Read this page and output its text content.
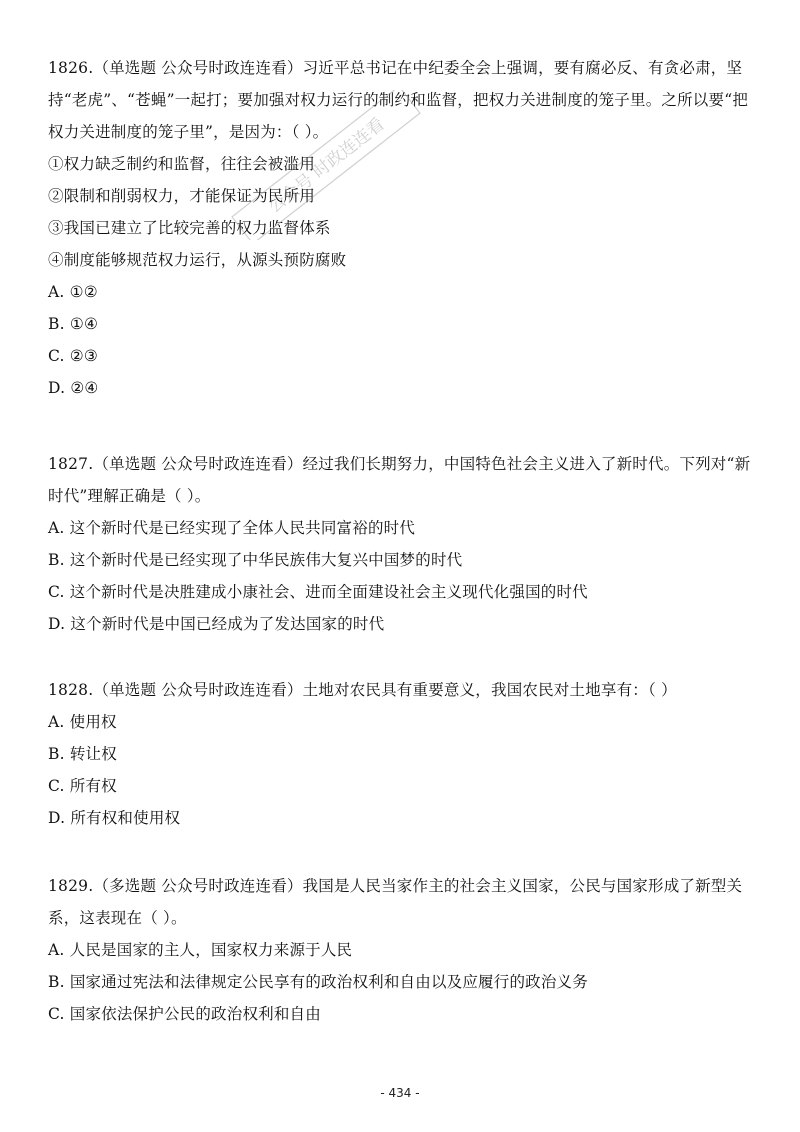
1826.（单选题 公众号时政连连看）习近平总书记在中纪委全会上强调，要有腐必反、有贪必肃，坚持“老虎”、“苍蝇”一起打；要加强对权力运行的制约和监督，把权力关进制度的笼子里。之所以要“把权力关进制度的笼子里”，是因为：（ ）。

①权力缺乏制约和监督，往往会被滥用
②限制和削弱权力，才能保证为民所用
③我国已建立了比较完善的权力监督体系
④制度能够规范权力运行，从源头预防腐败
A. ①②
B. ①④
C. ②③
D. ②④

1827.（单选题 公众号时政连连看）经过我们长期努力，中国特色社会主义进入了新时代。下列对“新时代”理解正确是（ ）。

A. 这个新时代是已经实现了全体人民共同富裕的时代
B. 这个新时代是已经实现了中华民族伟大复兴中国梦的时代
C. 这个新时代是决胜建成小康社会、进而全面建设社会主义现代化强国的时代
D. 这个新时代是中国已经成为了发达国家的时代

1828.（单选题 公众号时政连连看）土地对农民具有重要意义，我国农民对土地享有：（ ）

A. 使用权
B. 转让权
C. 所有权
D. 所有权和使用权

1829.（多选题 公众号时政连连看）我国是人民当家作主的社会主义国家，公民与国家形成了新型关系，这表现在（ ）。

A. 人民是国家的主人，国家权力来源于人民
B. 国家通过宪法和法律规定公民享有的政治权利和自由以及应履行的政治义务
C. 国家依法保护公民的政治权利和自由
公众号 时政连连看
- 434 -
